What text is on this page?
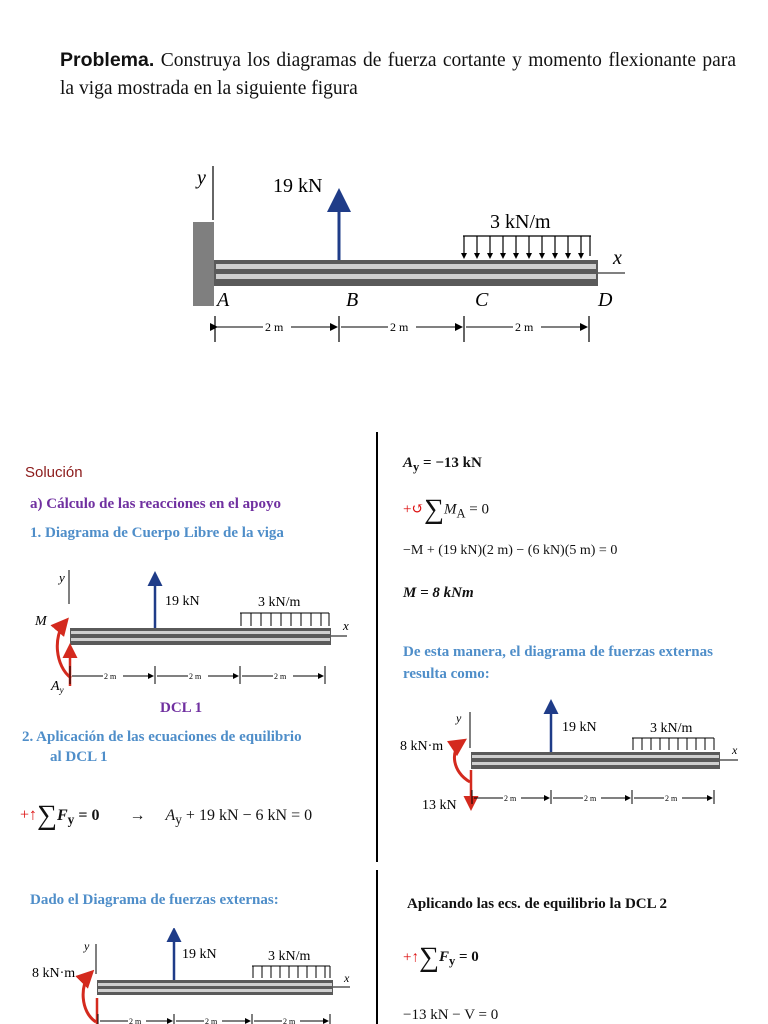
Problema. Construya los diagramas de fuerza cortante y momento flexionante para la viga mostrada en la siguiente figura
y
x
19 kN
3 kN/m
A	B	C	D
2 m	2 m	2 m
Solución
a) Cálculo de las reacciones en el apoyo
1. Diagrama de Cuerpo Libre de la viga
y
x
19 kN	3 kN/m
M
$A_y$
2 m	2 m	2 m
DCL 1
2. Aplicación de las ecuaciones de equilibrio
al DCL 1
$+↑\sum F_y = 0 \to A_y + 19$ kN − 6 kN = 0
Dado el Diagrama de fuerzas externas:
y
x
19 kN	3 kN/m
8 kN·m
2 m	2 m	2 m
$A_y = -13$ kN
$+↺\sum M_A = 0$
−M + (19 kN)(2 m) − (6 kN)(5 m) = 0
M = 8 kNm
De esta manera, el diagrama de fuerzas externas
resulta como:
y
x
19 kN	3 kN/m
8 kN·m
13 kN	2 m	2 m	2 m
Aplicando las ecs. de equilibrio la DCL 2
$+↑\sum F_y = 0$
−13 kN − V = 0
